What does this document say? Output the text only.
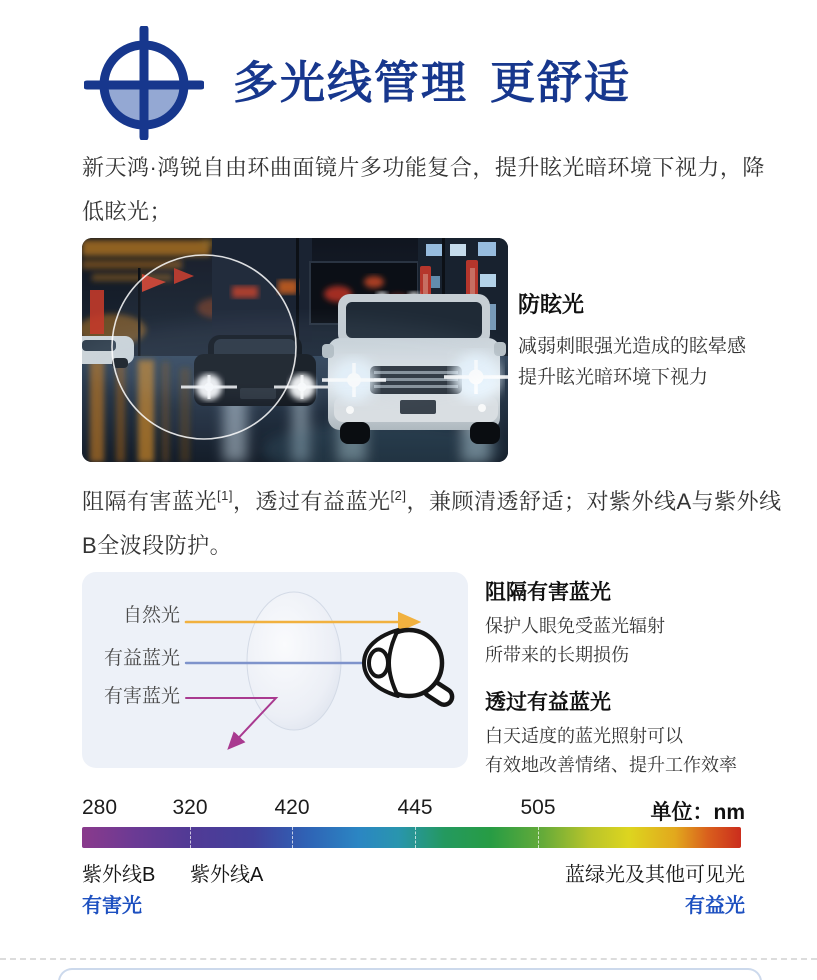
多光线管理 更舒适
新天鸿·鸿锐自由环曲面镜片多功能复合，提升眩光暗环境下视力，降低眩光；

防眩光

减弱刺眼强光造成的眩晕感

提升眩光暗环境下视力

阻隔有害蓝光[1]，透过有益蓝光[2]，兼顾清透舒适；对紫外线A与紫外线B全波段防护。
自然光
有益蓝光
有害蓝光

阻隔有害蓝光

保护人眼免受蓝光辐射

所带来的长期损伤

透过有益蓝光

白天适度的蓝光照射可以

有效地改善情绪、提升工作效率

280	320	420	445	505	单位：nm
紫外线B 紫外线A	蓝绿光及其他可见光
有害光	有益光
